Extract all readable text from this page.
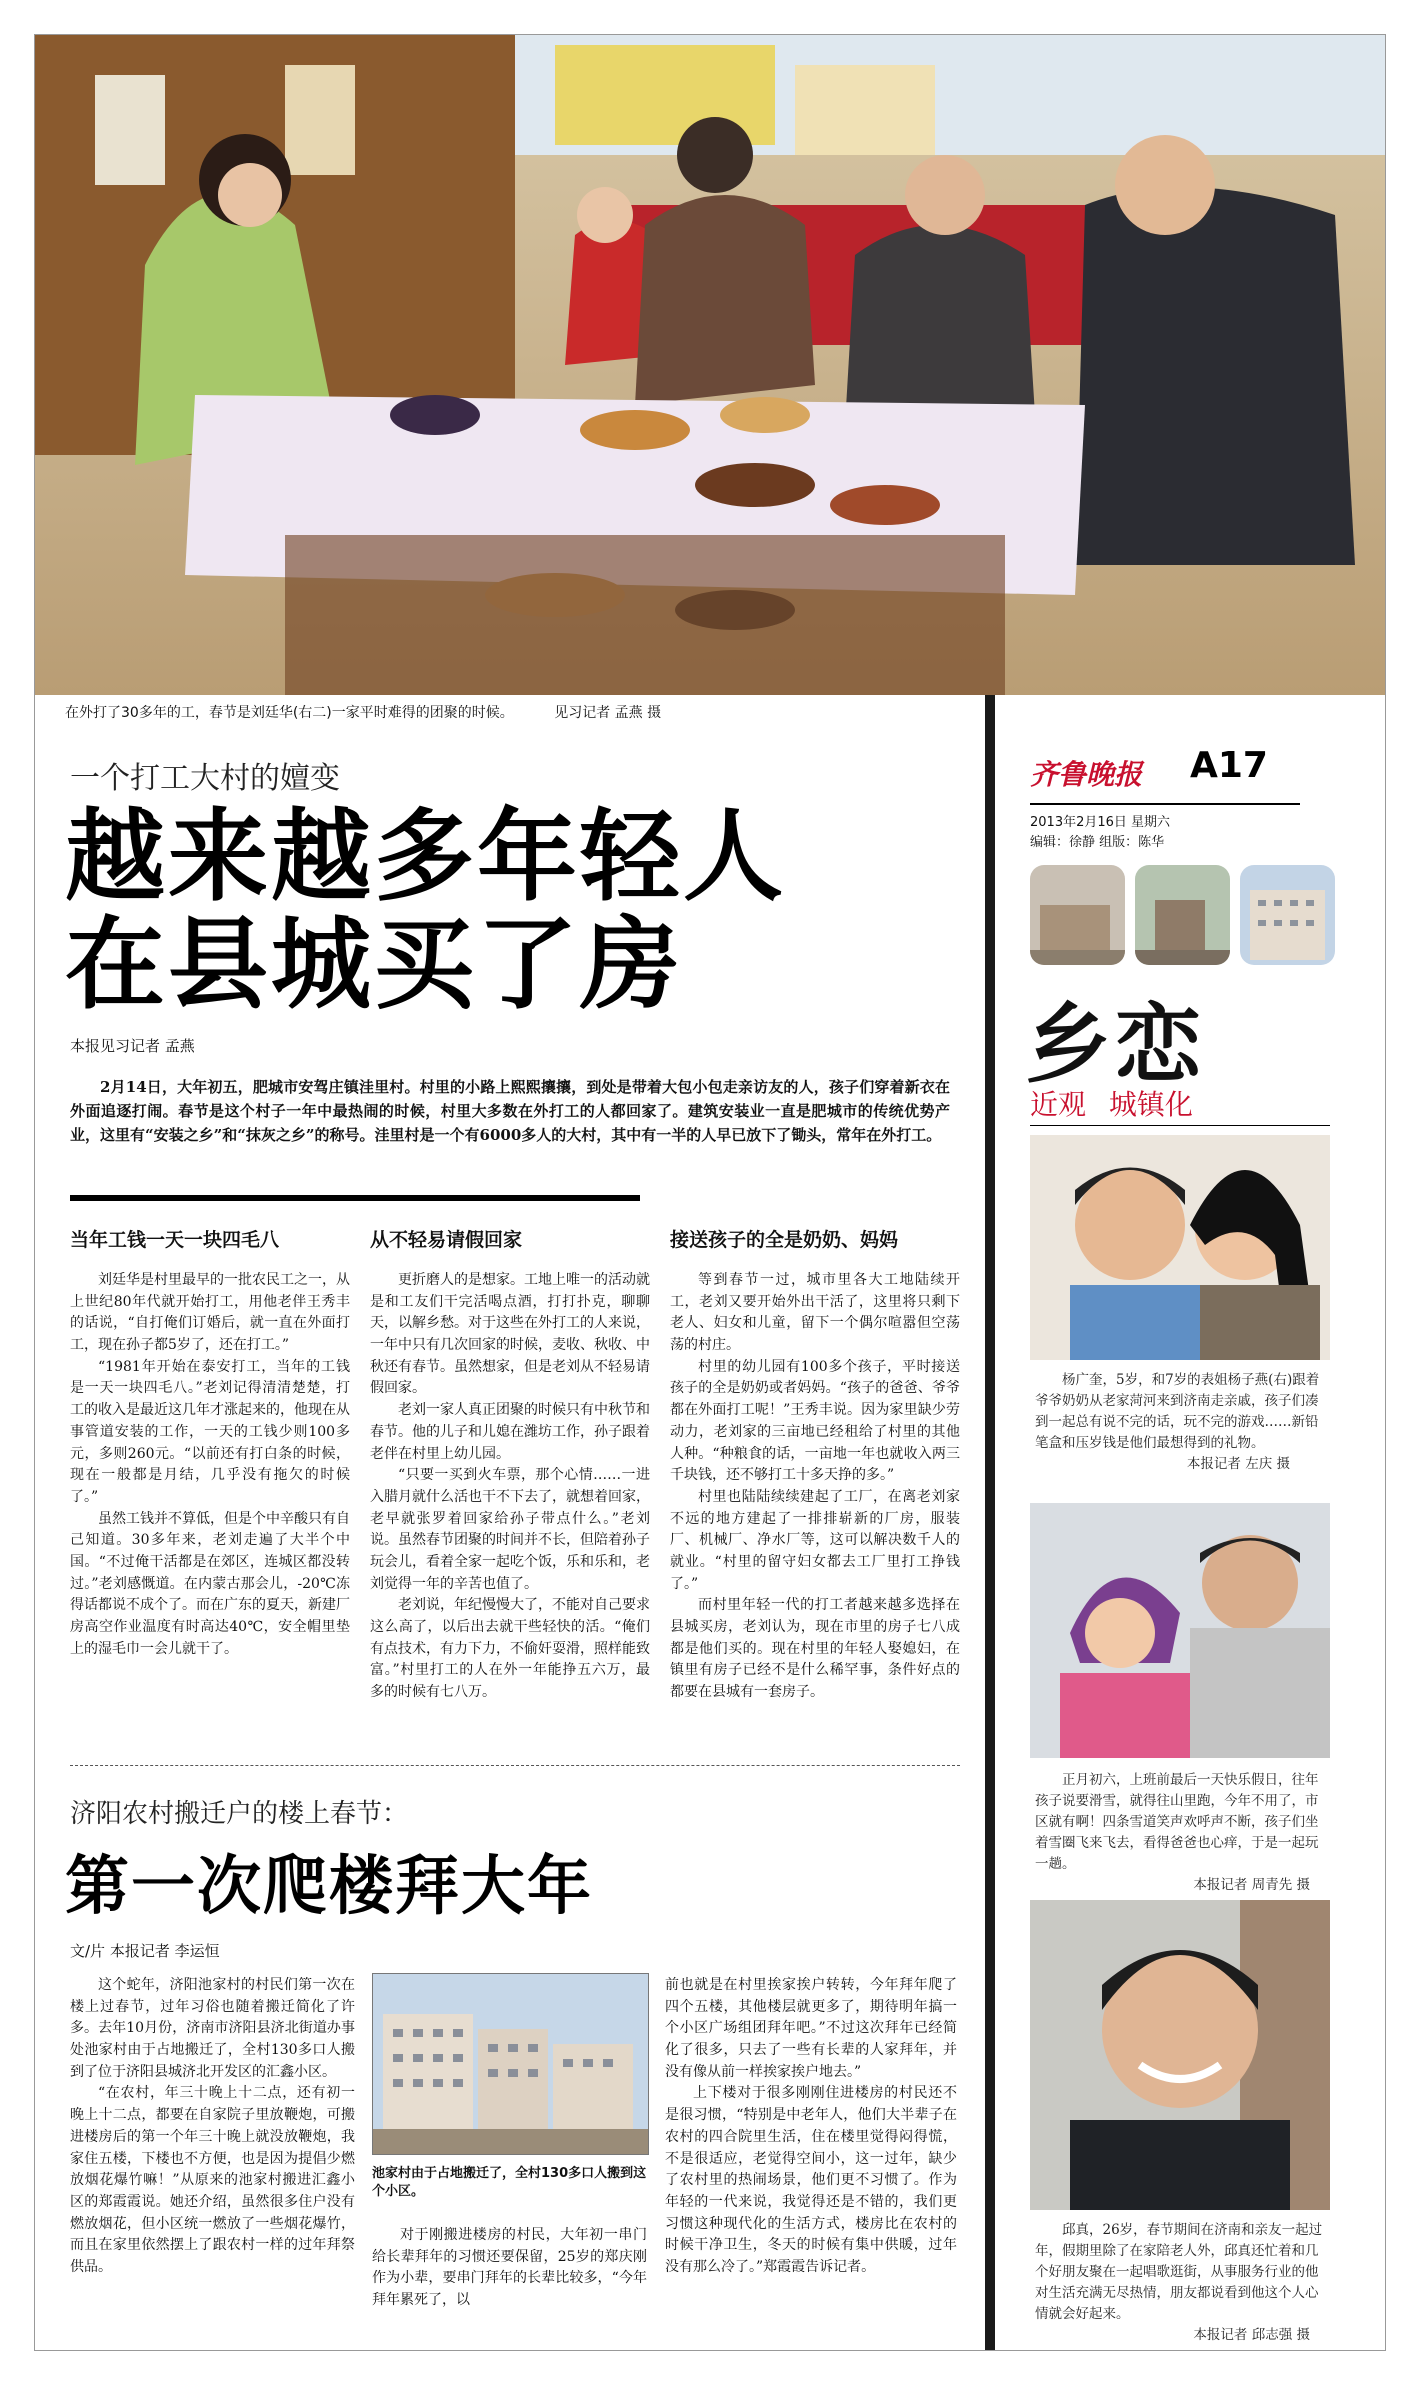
在外打了30多年的工，春节是刘廷华(右二)一家平时难得的团聚的时候。	见习记者 孟燕 摄
一个打工大村的嬗变
越来越多年轻人
在县城买了房
本报见习记者 孟燕

2月14日，大年初五，肥城市安驾庄镇洼里村。村里的小路上熙熙攘攘，到处是带着大包小包走亲访友的人，孩子们穿着新衣在外面追逐打闹。春节是这个村子一年中最热闹的时候，村里大多数在外打工的人都回家了。建筑安装业一直是肥城市的传统优势产业，这里有“安装之乡”和“抹灰之乡”的称号。洼里村是一个有6000多人的大村，其中有一半的人早已放下了锄头，常年在外打工。

当年工钱一天一块四毛八

刘廷华是村里最早的一批农民工之一，从上世纪80年代就开始打工，用他老伴王秀丰的话说，“自打俺们订婚后，就一直在外面打工，现在孙子都5岁了，还在打工。”

“1981年开始在泰安打工，当年的工钱是一天一块四毛八。”老刘记得清清楚楚，打工的收入是最近这几年才涨起来的，他现在从事管道安装的工作，一天的工钱少则100多元，多则260元。“以前还有打白条的时候，现在一般都是月结，几乎没有拖欠的时候了。”

虽然工钱并不算低，但是个中辛酸只有自己知道。30多年来，老刘走遍了大半个中国。“不过俺干活都是在郊区，连城区都没转过。”老刘感慨道。在内蒙古那会儿，-20℃冻得话都说不成个了。而在广东的夏天，新建厂房高空作业温度有时高达40℃，安全帽里垫上的湿毛巾一会儿就干了。

从不轻易请假回家

更折磨人的是想家。工地上唯一的活动就是和工友们干完活喝点酒，打打扑克，聊聊天，以解乡愁。对于这些在外打工的人来说，一年中只有几次回家的时候，麦收、秋收、中秋还有春节。虽然想家，但是老刘从不轻易请假回家。

老刘一家人真正团聚的时候只有中秋节和春节。他的儿子和儿媳在潍坊工作，孙子跟着老伴在村里上幼儿园。

“只要一买到火车票，那个心情……一进入腊月就什么活也干不下去了，就想着回家，老早就张罗着回家给孙子带点什么。”老刘说。虽然春节团聚的时间并不长，但陪着孙子玩会儿，看着全家一起吃个饭，乐和乐和，老刘觉得一年的辛苦也值了。

老刘说，年纪慢慢大了，不能对自己要求这么高了，以后出去就干些轻快的活。“俺们有点技术，有力下力，不偷奸耍滑，照样能致富。”村里打工的人在外一年能挣五六万，最多的时候有七八万。

接送孩子的全是奶奶、妈妈

等到春节一过，城市里各大工地陆续开工，老刘又要开始外出干活了，这里将只剩下老人、妇女和儿童，留下一个偶尔喧嚣但空荡荡的村庄。

村里的幼儿园有100多个孩子，平时接送孩子的全是奶奶或者妈妈。“孩子的爸爸、爷爷都在外面打工呢！”王秀丰说。因为家里缺少劳动力，老刘家的三亩地已经租给了村里的其他人种。“种粮食的话，一亩地一年也就收入两三千块钱，还不够打工十多天挣的多。”

村里也陆陆续续建起了工厂，在离老刘家不远的地方建起了一排排崭新的厂房，服装厂、机械厂、净水厂等，这可以解决数千人的就业。“村里的留守妇女都去工厂里打工挣钱了。”

而村里年轻一代的打工者越来越多选择在县城买房，老刘认为，现在市里的房子七八成都是他们买的。现在村里的年轻人娶媳妇，在镇里有房子已经不是什么稀罕事，条件好点的都要在县城有一套房子。

济阳农村搬迁户的楼上春节：
第一次爬楼拜大年
文/片 本报记者 李运恒

这个蛇年，济阳池家村的村民们第一次在楼上过春节，过年习俗也随着搬迁简化了许多。去年10月份，济南市济阳县济北街道办事处池家村由于占地搬迁了，全村130多口人搬到了位于济阳县城济北开发区的汇鑫小区。

“在农村，年三十晚上十二点，还有初一晚上十二点，都要在自家院子里放鞭炮，可搬进楼房后的第一个年三十晚上就没放鞭炮，我家住五楼，下楼也不方便，也是因为提倡少燃放烟花爆竹嘛！”从原来的池家村搬进汇鑫小区的郑霞霞说。她还介绍，虽然很多住户没有燃放烟花，但小区统一燃放了一些烟花爆竹，而且在家里依然摆上了跟农村一样的过年拜祭供品。

池家村由于占地搬迁了，全村130多口人搬到这个小区。

对于刚搬进楼房的村民，大年初一串门给长辈拜年的习惯还要保留，25岁的郑庆刚作为小辈，要串门拜年的长辈比较多，“今年拜年累死了，以

前也就是在村里挨家挨户转转，今年拜年爬了四个五楼，其他楼层就更多了，期待明年搞一个小区广场组团拜年吧。”不过这次拜年已经简化了很多，只去了一些有长辈的人家拜年，并没有像从前一样挨家挨户地去。”

上下楼对于很多刚刚住进楼房的村民还不是很习惯，“特别是中老年人，他们大半辈子在农村的四合院里生活，住在楼里觉得闷得慌，不是很适应，老觉得空间小，这一过年，缺少了农村里的热闹场景，他们更不习惯了。作为年轻的一代来说，我觉得还是不错的，我们更习惯这种现代化的生活方式，楼房比在农村的时候干净卫生，冬天的时候有集中供暖，过年没有那么冷了。”郑霞霞告诉记者。

齐鲁晚报 A17
2013年2月16日 星期六
编辑：徐静 组版：陈华
乡恋
近观 城镇化
杨广奎，5岁，和7岁的表姐杨子燕(右)跟着爷爷奶奶从老家菏河来到济南走亲戚，孩子们凑到一起总有说不完的话，玩不完的游戏……新铅笔盒和压岁钱是他们最想得到的礼物。
本报记者 左庆 摄
正月初六，上班前最后一天快乐假日，往年孩子说要滑雪，就得往山里跑，今年不用了，市区就有啊！四条雪道笑声欢呼声不断，孩子们坐着雪圈飞来飞去，看得爸爸也心痒，于是一起玩一趟。
本报记者 周青先 摄
邱真，26岁，春节期间在济南和亲友一起过年，假期里除了在家陪老人外，邱真还忙着和几个好朋友聚在一起唱歌逛街，从事服务行业的他对生活充满无尽热情，朋友都说看到他这个人心情就会好起来。
本报记者 邱志强 摄
